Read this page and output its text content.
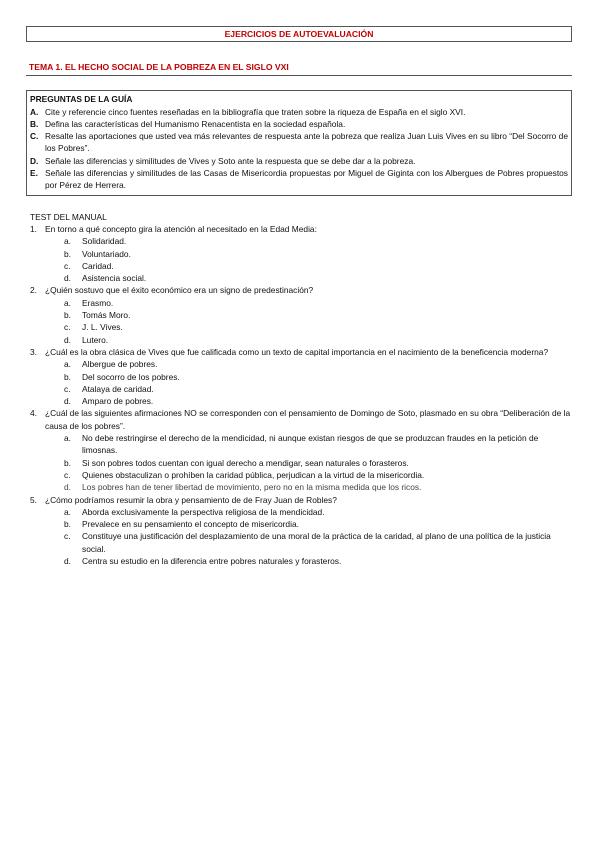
EJERCICIOS DE AUTOEVALUACIÓN
TEMA 1. EL HECHO SOCIAL DE LA POBREZA EN EL SIGLO VXI
PREGUNTAS DE LA GUÍA
A. Cite y referencie cinco fuentes reseñadas en la bibliografía que traten sobre la riqueza de España en el siglo XVI.
B. Defina las características del Humanismo Renacentista en la sociedad española.
C. Resalte las aportaciones que usted vea más relevantes de respuesta ante la pobreza que realiza Juan Luis Vives en su libro “Del Socorro de los Pobres”.
D. Señale las diferencias y similitudes de Vives y Soto ante la respuesta que se debe dar a la pobreza.
E. Señale las diferencias y similitudes de las Casas de Misericordia propuestas por Miguel de Giginta con los Albergues de Pobres propuestos por Pérez de Herrera.
TEST DEL MANUAL
1. En torno a qué concepto gira la atención al necesitado en la Edad Media:
a.	Solidaridad.
b.	Voluntariado.
c.	Caridad.
d.	Asistencia social.
2. ¿Quién sostuvo que el éxito económico era un signo de predestinación?
a.	Erasmo.
b.	Tomás Moro.
c.	J. L. Vives.
d.	Lutero.
3. ¿Cuál es la obra clásica de Vives que fue calificada como un texto de capital importancia en el nacimiento de la beneficencia moderna?
a.	Albergue de pobres.
b.	Del socorro de los pobres.
c.	Atalaya de caridad.
d.	Amparo de pobres.
4. ¿Cuál de las siguientes afirmaciones NO se corresponden con el pensamiento de Domingo de Soto, plasmado en su obra “Deliberación de la causa de los pobres”.
a.	No debe restringirse el derecho de la mendicidad, ni aunque existan riesgos de que se produzcan fraudes en la petición de limosnas.
b.	Si son pobres todos cuentan con igual derecho a mendigar, sean naturales o forasteros.
c.	Quienes obstaculizan o prohíben la caridad pública, perjudican a la virtud de la misericordia.
d.	Los pobres han de tener libertad de movimiento, pero no en la misma medida que los ricos.
5. ¿Cómo podríamos resumir la obra y pensamiento de de Fray Juan de Robles?
a.	Aborda exclusivamente la perspectiva religiosa de la mendicidad.
b.	Prevalece en su pensamiento el concepto de misericordia.
c.	Constituye una justificación del desplazamiento de una moral de la práctica de la caridad, al plano de una política de la justicia social.
d.	Centra su estudio en la diferencia entre pobres naturales y forasteros.
